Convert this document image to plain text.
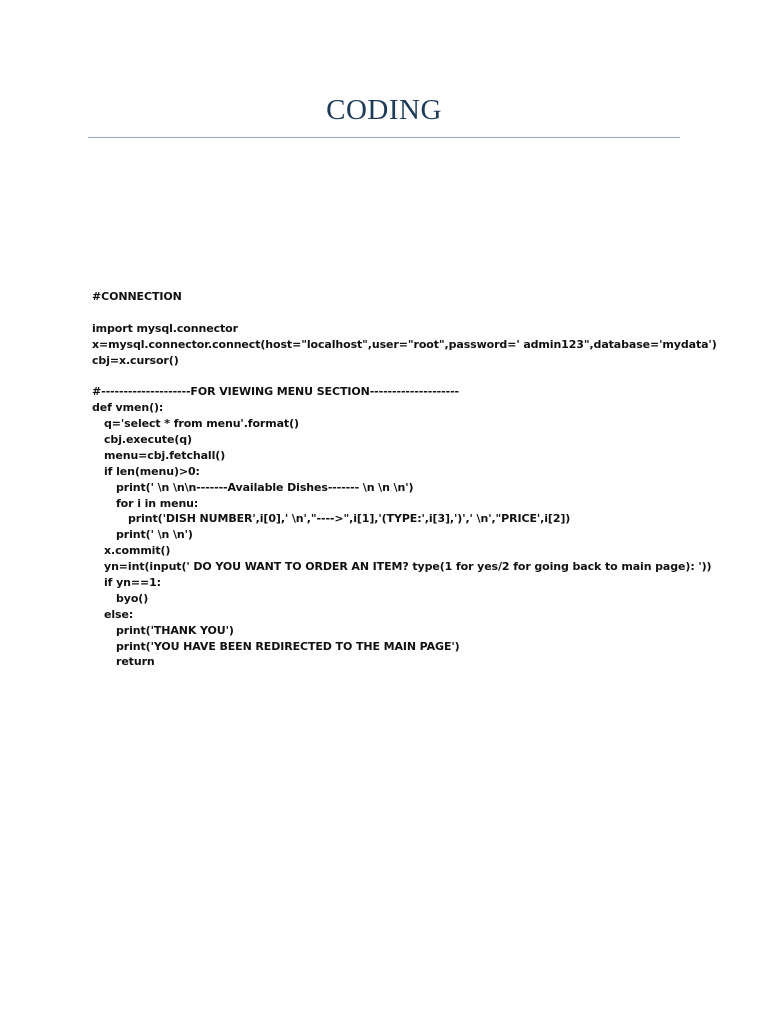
CODING
#CONNECTION
import mysql.connector
x=mysql.connector.connect(host="localhost",user="root",password=' admin123",database='mydata')
cbj=x.cursor()
#--------------------FOR VIEWING MENU SECTION--------------------
def vmen():
q='select * from menu'.format()
cbj.execute(q)
menu=cbj.fetchall()
if len(menu)>0:
print(' \n \n\n-------Available Dishes------- \n \n \n')
for i in menu:
print('DISH NUMBER',i[0],' \n',"---->",i[1],'(TYPE:',i[3],')',' \n',"PRICE',i[2])
print(' \n \n')
x.commit()
yn=int(input(' DO YOU WANT TO ORDER AN ITEM? type(1 for yes/2 for going back to main page): '))
if yn==1:
byo()
else:
print('THANK YOU')
print('YOU HAVE BEEN REDIRECTED TO THE MAIN PAGE')
return
